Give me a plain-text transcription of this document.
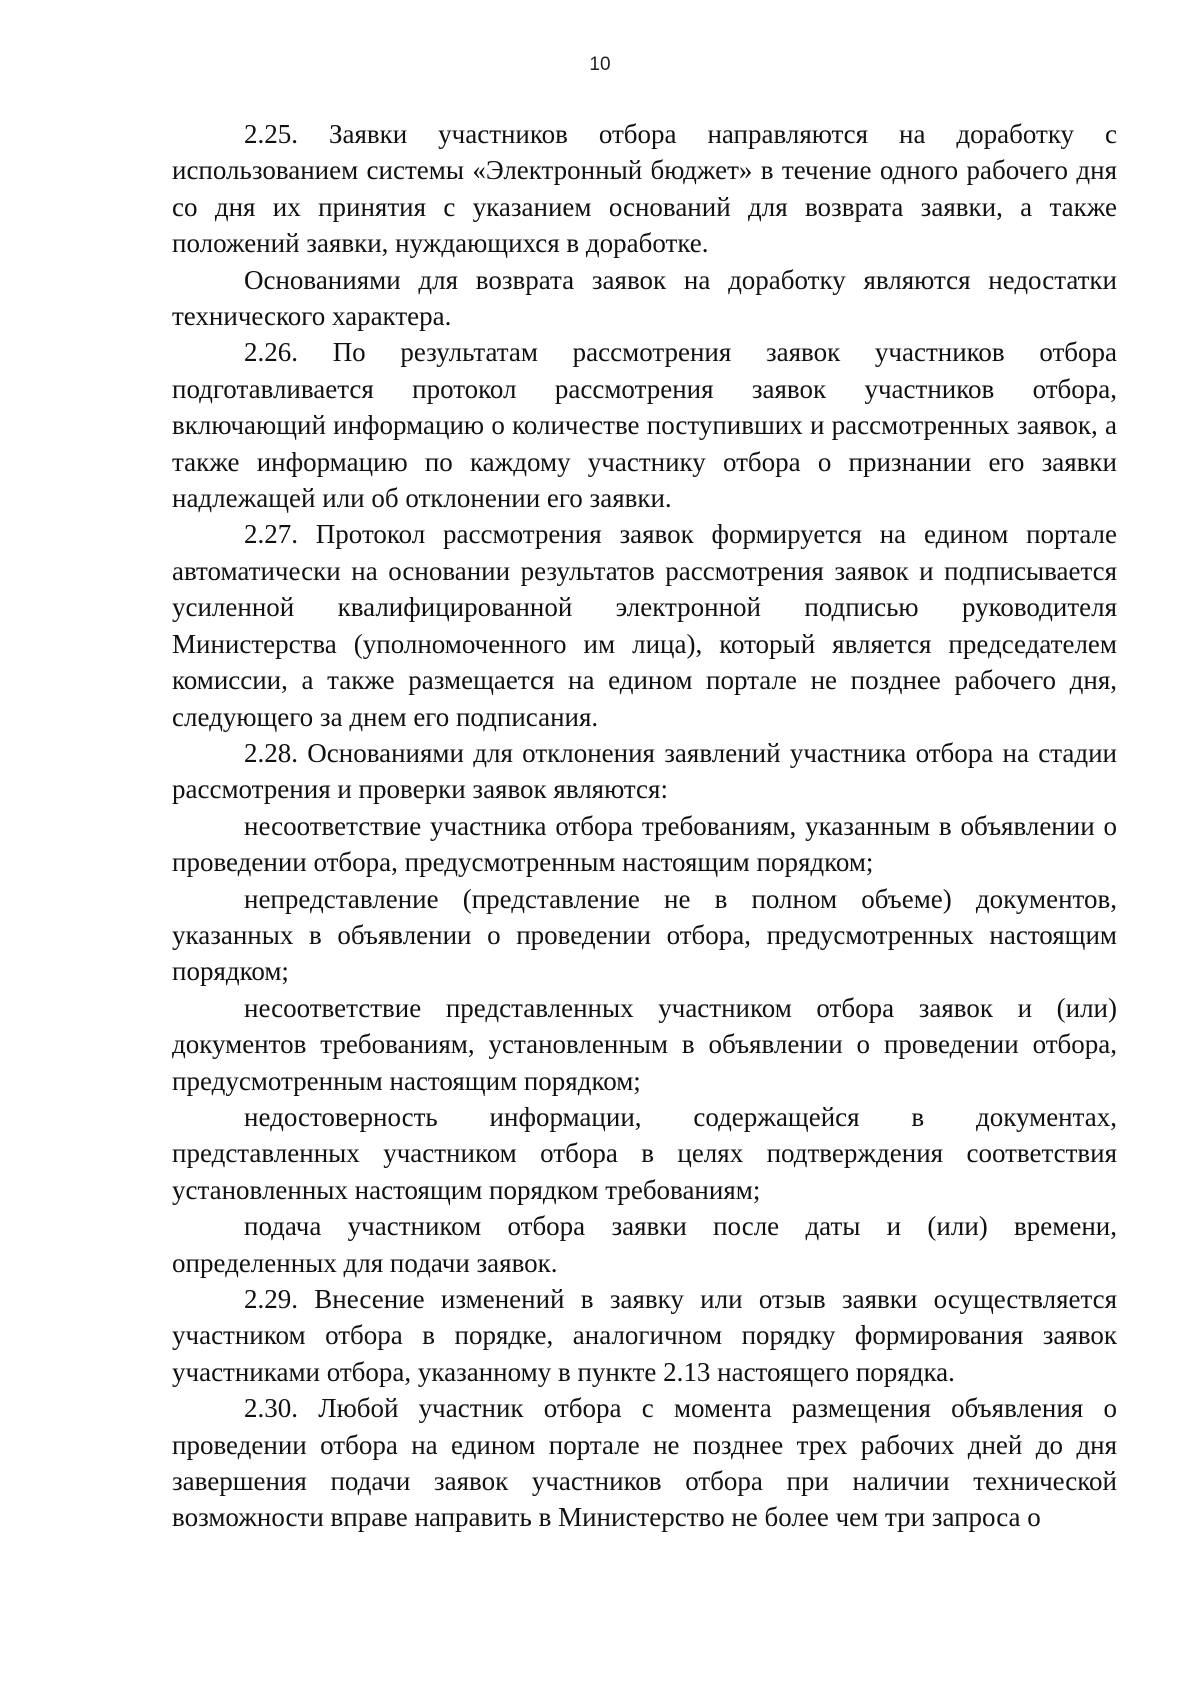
10

2.25. Заявки участников отбора направляются на доработку с использованием системы «Электронный бюджет» в течение одного рабочего дня со дня их принятия с указанием оснований для возврата заявки, а также положений заявки, нуждающихся в доработке.

Основаниями для возврата заявок на доработку являются недостатки технического характера.

2.26. По результатам рассмотрения заявок участников отбора подготавливается протокол рассмотрения заявок участников отбора, включающий информацию о количестве поступивших и рассмотренных заявок, а также информацию по каждому участнику отбора о признании его заявки надлежащей или об отклонении его заявки.

2.27. Протокол рассмотрения заявок формируется на едином портале автоматически на основании результатов рассмотрения заявок и подписывается усиленной квалифицированной электронной подписью руководителя Министерства (уполномоченного им лица), который является председателем комиссии, а также размещается на едином портале не позднее рабочего дня, следующего за днем его подписания.

2.28. Основаниями для отклонения заявлений участника отбора на стадии рассмотрения и проверки заявок являются:

несоответствие участника отбора требованиям, указанным в объявлении о проведении отбора, предусмотренным настоящим порядком;

непредставление (представление не в полном объеме) документов, указанных в объявлении о проведении отбора, предусмотренных настоящим порядком;

несоответствие представленных участником отбора заявок и (или) документов требованиям, установленным в объявлении о проведении отбора, предусмотренным настоящим порядком;

недостоверность информации, содержащейся в документах, представленных участником отбора в целях подтверждения соответствия установленных настоящим порядком требованиям;

подача участником отбора заявки после даты и (или) времени, определенных для подачи заявок.

2.29. Внесение изменений в заявку или отзыв заявки осуществляется участником отбора в порядке, аналогичном порядку формирования заявок участниками отбора, указанному в пункте 2.13 настоящего порядка.

2.30. Любой участник отбора с момента размещения объявления о проведении отбора на едином портале не позднее трех рабочих дней до дня завершения подачи заявок участников отбора при наличии технической возможности вправе направить в Министерство не более чем три запроса о
